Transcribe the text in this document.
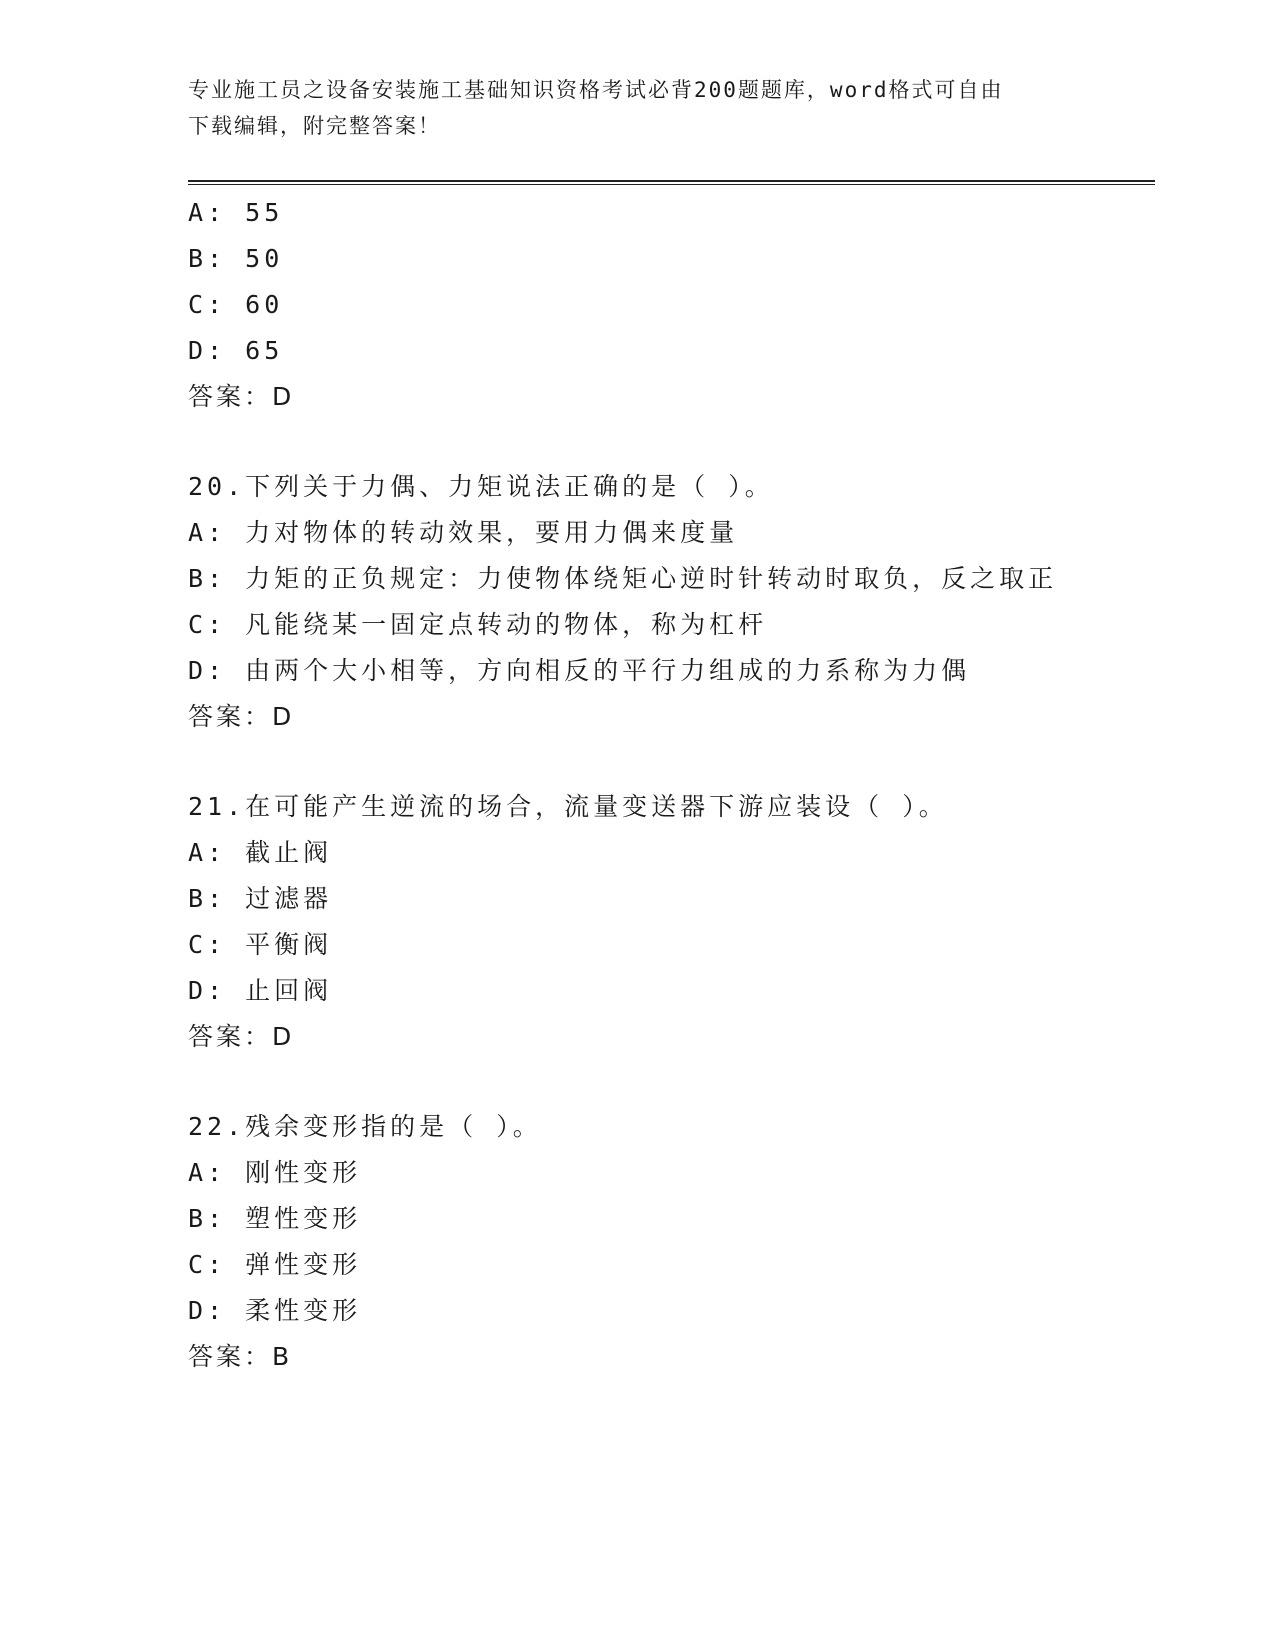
专业施工员之设备安装施工基础知识资格考试必背200题题库，word格式可自由
下载编辑，附完整答案！
A: 55
B: 50
C: 60
D: 65
答案：D
20.下列关于力偶、力矩说法正确的是（ ）。
A: 力对物体的转动效果，要用力偶来度量
B: 力矩的正负规定：力使物体绕矩心逆时针转动时取负，反之取正
C: 凡能绕某一固定点转动的物体，称为杠杆
D: 由两个大小相等，方向相反的平行力组成的力系称为力偶
答案：D
21.在可能产生逆流的场合，流量变送器下游应装设（ ）。
A: 截止阀
B: 过滤器
C: 平衡阀
D: 止回阀
答案：D
22.残余变形指的是（ ）。
A: 刚性变形
B: 塑性变形
C: 弹性变形
D: 柔性变形
答案：B
